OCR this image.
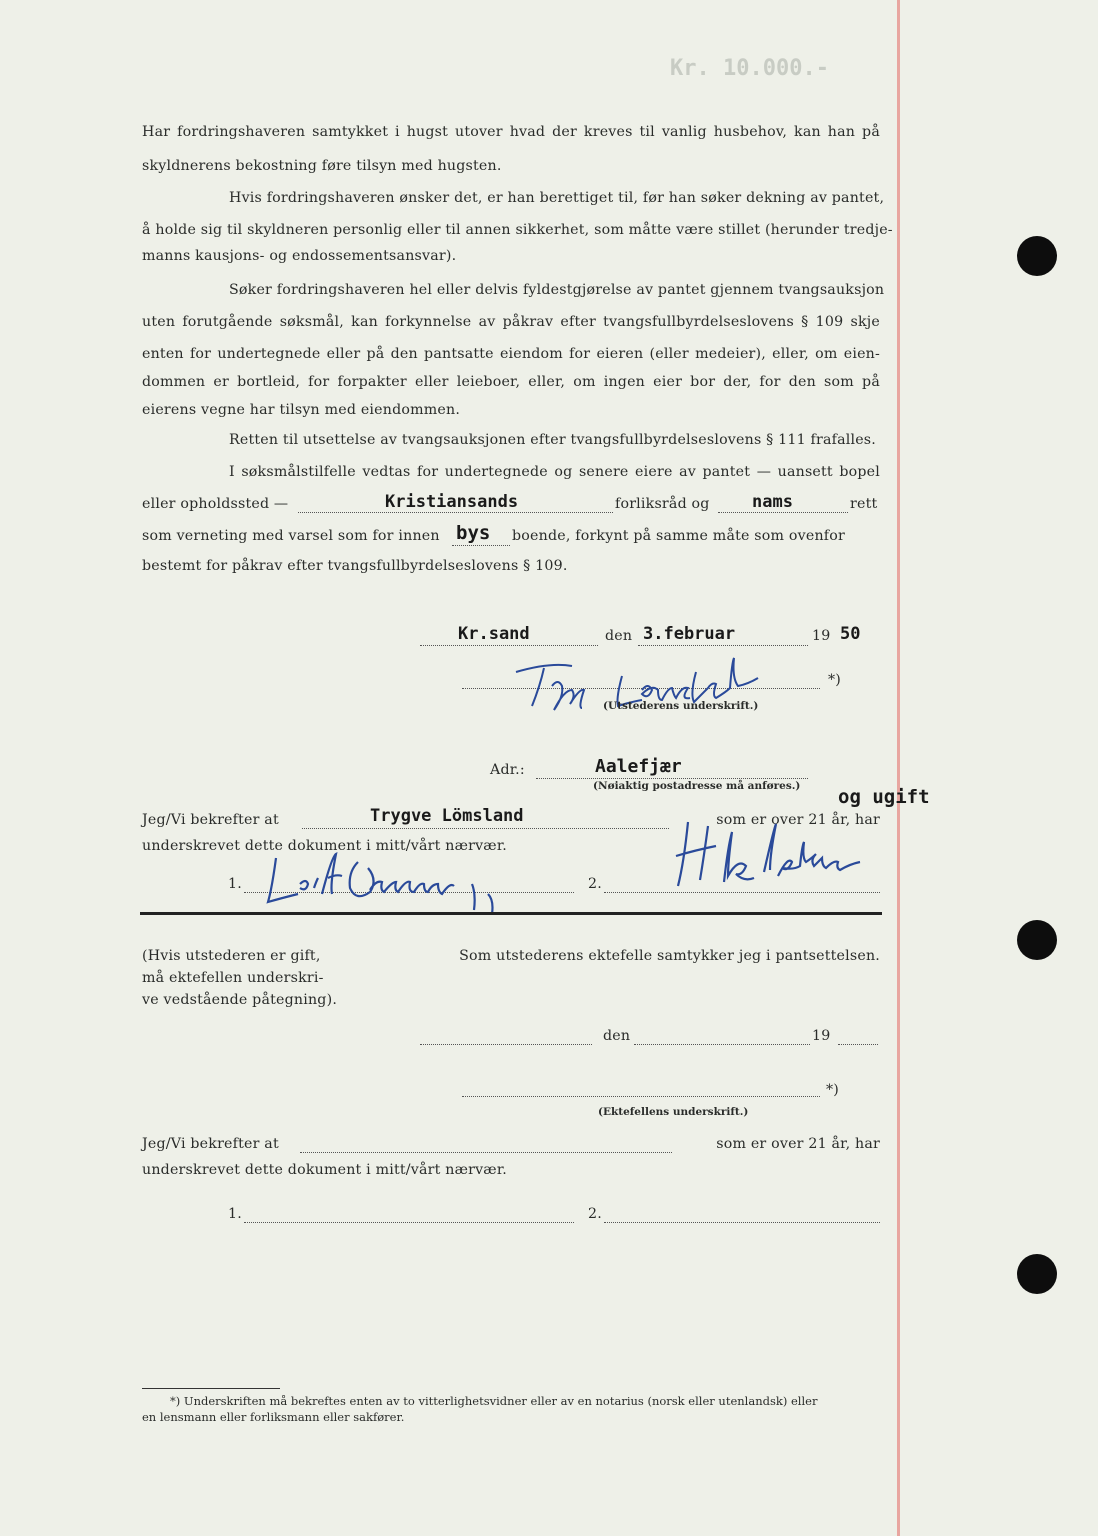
Kr. 10.000.-
Har fordringshaveren samtykket i hugst utover hvad der kreves til vanlig husbehov, kan han på
skyldnerens bekostning føre tilsyn med hugsten.
Hvis fordringshaveren ønsker det, er han berettiget til, før han søker dekning av pantet,
å holde sig til skyldneren personlig eller til annen sikkerhet, som måtte være stillet (herunder tredje-
manns kausjons- og endossementsansvar).
Søker fordringshaveren hel eller delvis fyldestgjørelse av pantet gjennem tvangsauksjon
uten forutgående søksmål, kan forkynnelse av påkrav efter tvangsfullbyrdelseslovens § 109 skje
enten for undertegnede eller på den pantsatte eiendom for eieren (eller medeier), eller, om eien-
dommen er bortleid, for forpakter eller leieboer, eller, om ingen eier bor der, for den som på
eierens vegne har tilsyn med eiendommen.
Retten til utsettelse av tvangsauksjonen efter tvangsfullbyrdelseslovens § 111 frafalles.
I søksmålstilfelle vedtas for undertegnede og senere eiere av pantet — uansett bopel
eller opholdssted —	Kristiansands	forliksråd og nams	rett
som verneting med varsel som for innen bys boende, forkynt på samme måte som ovenfor
bestemt for påkrav efter tvangsfullbyrdelseslovens § 109.
Kr.sand	den 3.februar	19 50
*)
(Utstederens underskrift.)
Adr.:	Aalefjær
(Nøiaktig postadresse må anføres.) og ugift
Jeg/Vi bekrefter at	Trygve Lömsland	som er over 21 år, har
underskrevet dette dokument i mitt/vårt nærvær.
1.	2.
(Hvis utstederen er gift,
må ektefellen underskri-
ve vedstående påtegning).
Som utstederens ektefelle samtykker jeg i pantsettelsen.
den	19
*)
(Ektefellens underskrift.)
Jeg/Vi bekrefter at	som er over 21 år, har
underskrevet dette dokument i mitt/vårt nærvær.
1.	2.
*) Underskriften må bekreftes enten av to vitterlighetsvidner eller av en notarius (norsk eller utenlandsk) eller
en lensmann eller forliksmann eller sakfører.
